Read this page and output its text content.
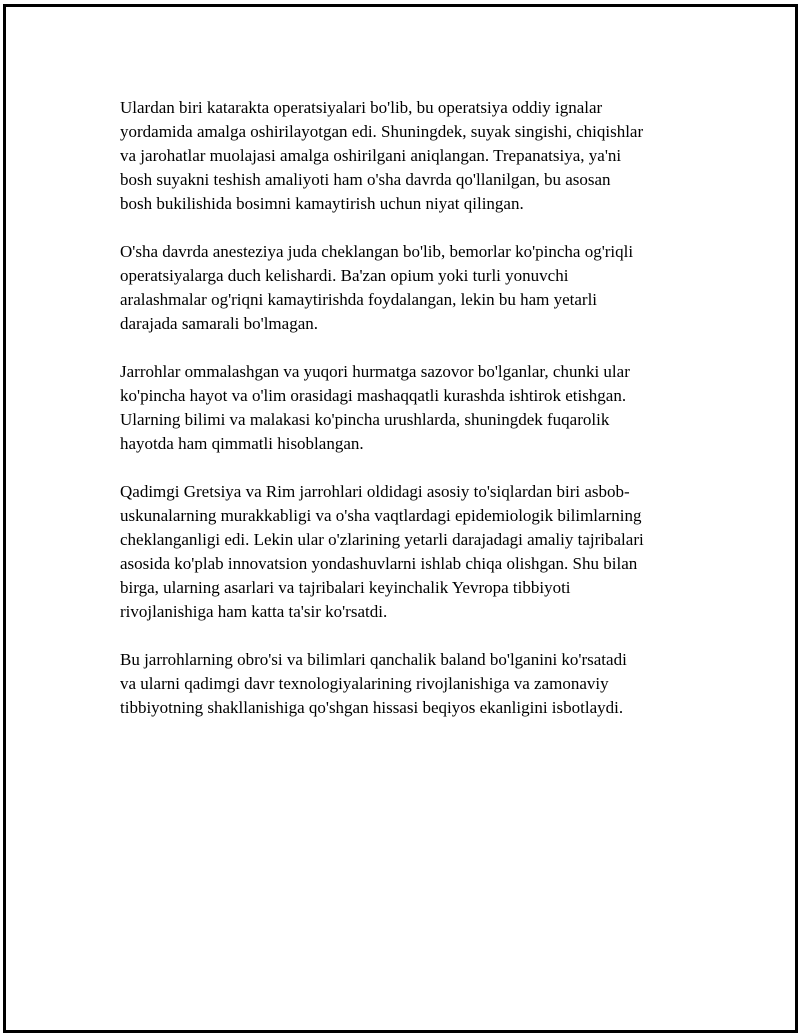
Ulardan biri katarakta operatsiyalari bo'lib, bu operatsiya oddiy ignalar
yordamida amalga oshirilayotgan edi. Shuningdek, suyak singishi, chiqishlar
va jarohatlar muolajasi amalga oshirilgani aniqlangan. Trepanatsiya, ya'ni
bosh suyakni teshish amaliyoti ham o'sha davrda qo'llanilgan, bu asosan
bosh bukilishida bosimni kamaytirish uchun niyat qilingan.

O'sha davrda anesteziya juda cheklangan bo'lib, bemorlar ko'pincha og'riqli
operatsiyalarga duch kelishardi. Ba'zan opium yoki turli yonuvchi
aralashmalar og'riqni kamaytirishda foydalangan, lekin bu ham yetarli
darajada samarali bo'lmagan.

Jarrohlar ommalashgan va yuqori hurmatga sazovor bo'lganlar, chunki ular
ko'pincha hayot va o'lim orasidagi mashaqqatli kurashda ishtirok etishgan.
Ularning bilimi va malakasi ko'pincha urushlarda, shuningdek fuqarolik
hayotda ham qimmatli hisoblangan.

Qadimgi Gretsiya va Rim jarrohlari oldidagi asosiy to'siqlardan biri asbob-
uskunalarning murakkabligi va o'sha vaqtlardagi epidemiologik bilimlarning
cheklanganligi edi. Lekin ular o'zlarining yetarli darajadagi amaliy tajribalari
asosida ko'plab innovatsion yondashuvlarni ishlab chiqa olishgan. Shu bilan
birga, ularning asarlari va tajribalari keyinchalik Yevropa tibbiyoti
rivojlanishiga ham katta ta'sir ko'rsatdi.

Bu jarrohlarning obro'si va bilimlari qanchalik baland bo'lganini ko'rsatadi
va ularni qadimgi davr texnologiyalarining rivojlanishiga va zamonaviy
tibbiyotning shakllanishiga qo'shgan hissasi beqiyos ekanligini isbotlaydi.
